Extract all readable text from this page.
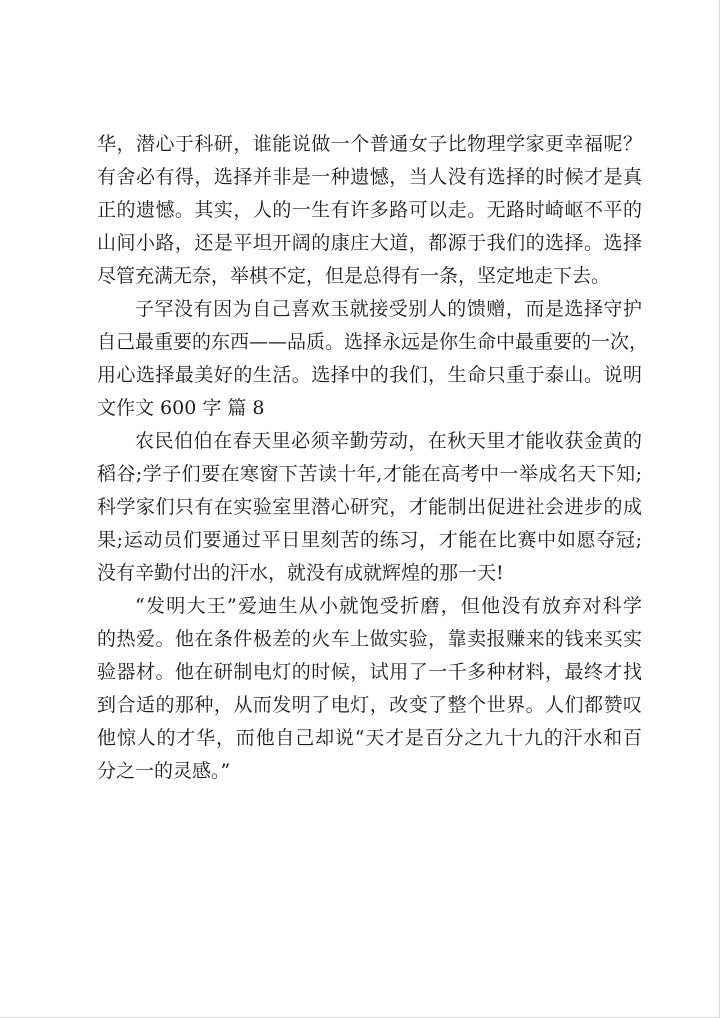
华，潜心于科研，谁能说做一个普通女子比物理学家更幸福呢？
有舍必有得，选择并非是一种遗憾，当人没有选择的时候才是真
正的遗憾。其实，人的一生有许多路可以走。无路时崎岖不平的
山间小路，还是平坦开阔的康庄大道，都源于我们的选择。选择
尽管充满无奈，举棋不定，但是总得有一条，坚定地走下去。
子罕没有因为自己喜欢玉就接受别人的馈赠，而是选择守护
自己最重要的东西——品质。选择永远是你生命中最重要的一次，
用心选择最美好的生活。选择中的我们，生命只重于泰山。说明
文作文 600 字 篇 8
农民伯伯在春天里必须辛勤劳动，在秋天里才能收获金黄的
稻谷;学子们要在寒窗下苦读十年,才能在高考中一举成名天下知;
科学家们只有在实验室里潜心研究，才能制出促进社会进步的成
果;运动员们要通过平日里刻苦的练习，才能在比赛中如愿夺冠;
没有辛勤付出的汗水，就没有成就辉煌的那一天!
“发明大王”爱迪生从小就饱受折磨，但他没有放弃对科学
的热爱。他在条件极差的火车上做实验，靠卖报赚来的钱来买实
验器材。他在研制电灯的时候，试用了一千多种材料，最终才找
到合适的那种，从而发明了电灯，改变了整个世界。人们都赞叹
他惊人的才华，而他自己却说“天才是百分之九十九的汗水和百
分之一的灵感。”
